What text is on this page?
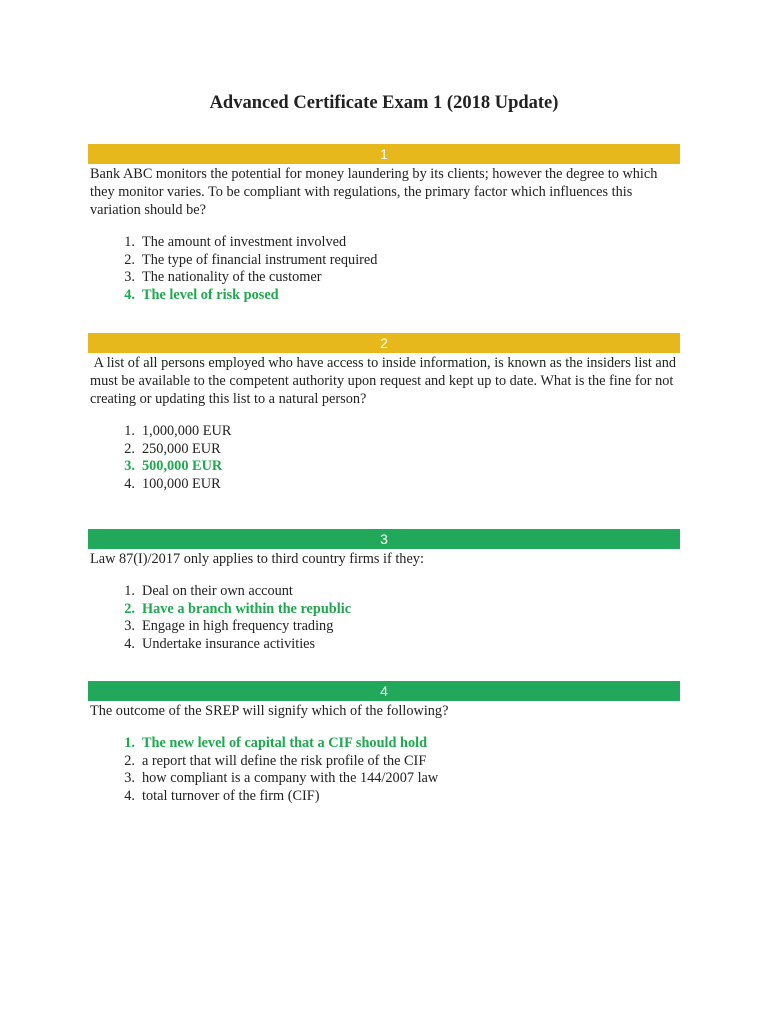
Advanced Certificate Exam 1 (2018 Update)
1

Bank ABC monitors the potential for money laundering by its clients; however the degree to which they monitor varies. To be compliant with regulations, the primary factor which influences this variation should be?

1. The amount of investment involved
2. The type of financial instrument required
3. The nationality of the customer
4. The level of risk posed
2

A list of all persons employed who have access to inside information, is known as the insiders list and must be available to the competent authority upon request and kept up to date. What is the fine for not creating or updating this list to a natural person?

1. 1,000,000 EUR
2. 250,000 EUR
3. 500,000 EUR
4. 100,000 EUR
3

Law 87(I)/2017 only applies to third country firms if they:

1. Deal on their own account
2. Have a branch within the republic
3. Engage in high frequency trading
4. Undertake insurance activities
4

The outcome of the SREP will signify which of the following?

1. The new level of capital that a CIF should hold
2. a report that will define the risk profile of the CIF
3. how compliant is a company with the 144/2007 law
4. total turnover of the firm (CIF)
